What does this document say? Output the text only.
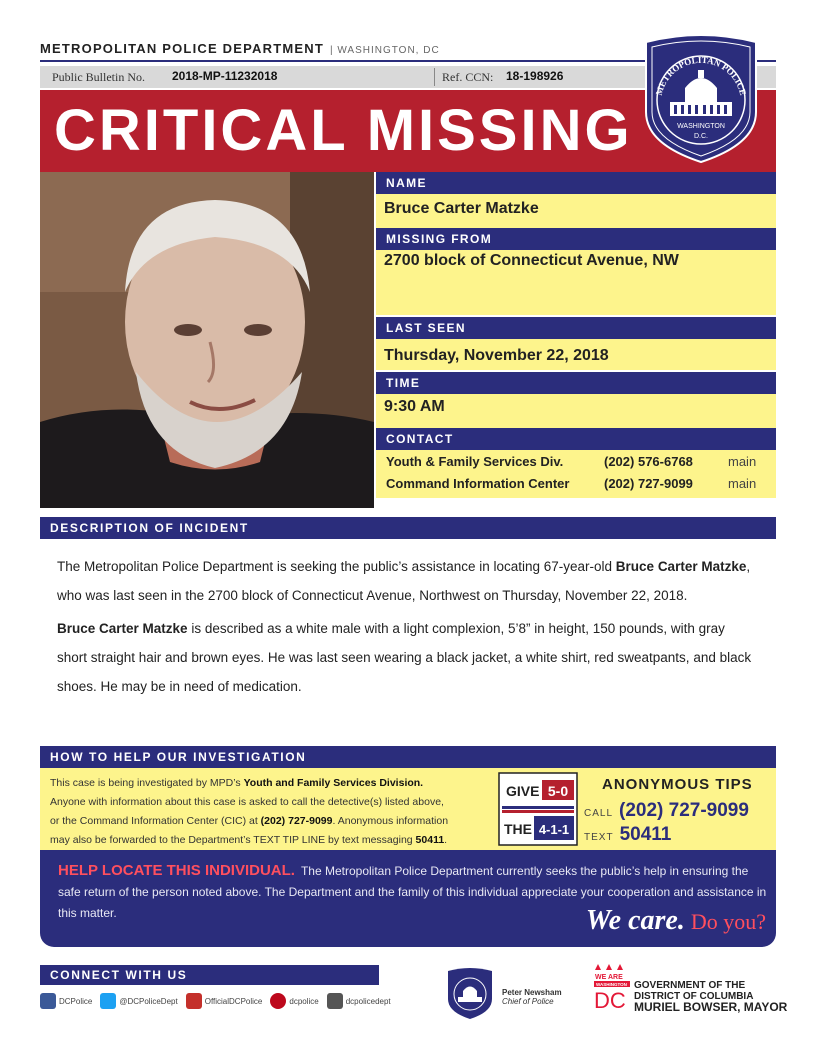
METROPOLITAN POLICE DEPARTMENT | WASHINGTON, DC
Public Bulletin No. 2018-MP-11232018	Ref. CCN: 18-198926
CRITICAL MISSING
METROPOLITAN POLICE
WASHINGTON
D.C.
NAME
Bruce Carter Matzke
MISSING FROM
2700 block of Connecticut Avenue, NW
LAST SEEN
Thursday, November 22, 2018
TIME
9:30 AM
CONTACT
Youth & Family Services Div.	(202) 576-6768	main
Command Information Center	(202) 727-9099	main
DESCRIPTION OF INCIDENT

The Metropolitan Police Department is seeking the public’s assistance in locating 67-year-old Bruce Carter Matzke, who was last seen in the 2700 block of Connecticut Avenue, Northwest on Thursday, November 22, 2018.

Bruce Carter Matzke is described as a white male with a light complexion, 5’8” in height, 150 pounds, with gray short straight hair and brown eyes. He was last seen wearing a black jacket, a white shirt, red sweatpants, and black shoes. He may be in need of medication.

HOW TO HELP OUR INVESTIGATION
This case is being investigated by MPD’s Youth and Family Services Division.
Anyone with information about this case is asked to call the detective(s) listed above,
or the Command Information Center (CIC) at (202) 727-9099. Anonymous information
may also be forwarded to the Department’s TEXT TIP LINE by text messaging 50411.
GIVE 5-0
THE 4-1-1
ANONYMOUS TIPS
CALL (202) 727-9099
TEXT 50411
HELP LOCATE THIS INDIVIDUAL. The Metropolitan Police Department currently seeks the public’s help in ensuring the safe return of the person noted above. The Department and the family of this individual appreciate your cooperation and assistance in this matter.	We care. Do you?
CONNECT WITH US
DCPolice	@DCPoliceDept	OfficialDCPolice	dcpolice	dcpolicedept
Peter Newsham
Chief of Police
WE ARE
WASHINGTON
DC
GOVERNMENT OF THE
DISTRICT OF COLUMBIA
MURIEL BOWSER, MAYOR
